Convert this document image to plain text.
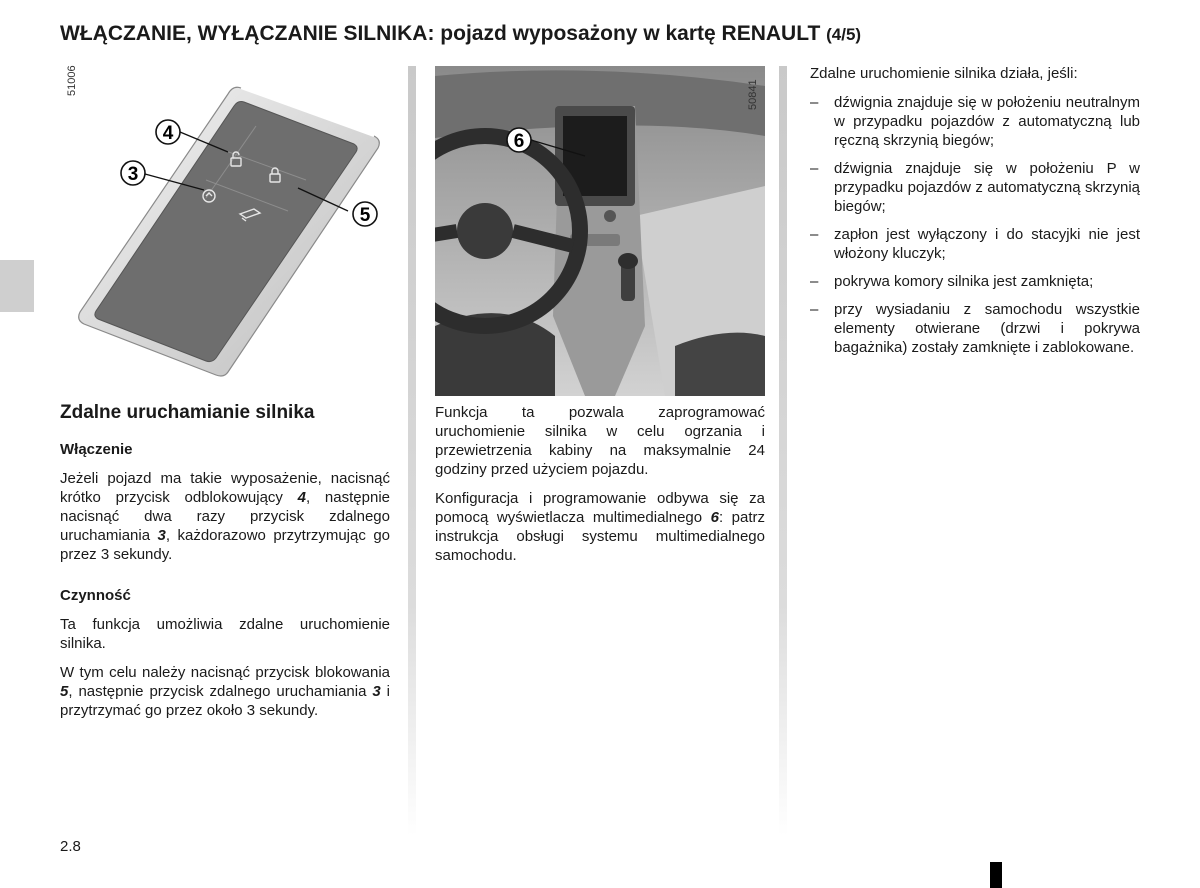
WŁĄCZANIE, WYŁĄCZANIE SILNIKA: pojazd wyposażony w kartę RENAULT (4/5)
4
3
5
51006
6
50841
Zdalne uruchamianie silnika
Włączenie

Jeżeli pojazd ma takie wyposażenie, nacisnąć krótko przycisk odblokowujący 4, następnie nacisnąć dwa razy przycisk zdalnego uruchamiania 3, każdorazowo przytrzymując go przez 3 sekundy.

Czynność

Ta funkcja umożliwia zdalne uruchomienie silnika.

W tym celu należy nacisnąć przycisk blokowania 5, następnie przycisk zdalnego uruchamiania 3 i przytrzymać go przez około 3 sekundy.

Funkcja ta pozwala zaprogramować uruchomienie silnika w celu ogrzania i przewietrzenia kabiny na maksymalnie 24 godziny przed użyciem pojazdu.

Konfiguracja i programowanie odbywa się za pomocą wyświetlacza multimedialnego 6: patrz instrukcja obsługi systemu multimedialnego samochodu.

Zdalne uruchomienie silnika działa, jeśli:

– dźwignia znajduje się w położeniu neutralnym w przypadku pojazdów z automatyczną lub ręczną skrzynią biegów;
– dźwignia znajduje się w położeniu P w przypadku pojazdów z automatyczną skrzynią biegów;
– zapłon jest wyłączony i do stacyjki nie jest włożony kluczyk;
– pokrywa komory silnika jest zamknięta;
– przy wysiadaniu z samochodu wszystkie elementy otwierane (drzwi i pokrywa bagażnika) zostały zamknięte i zablokowane.
2.8
